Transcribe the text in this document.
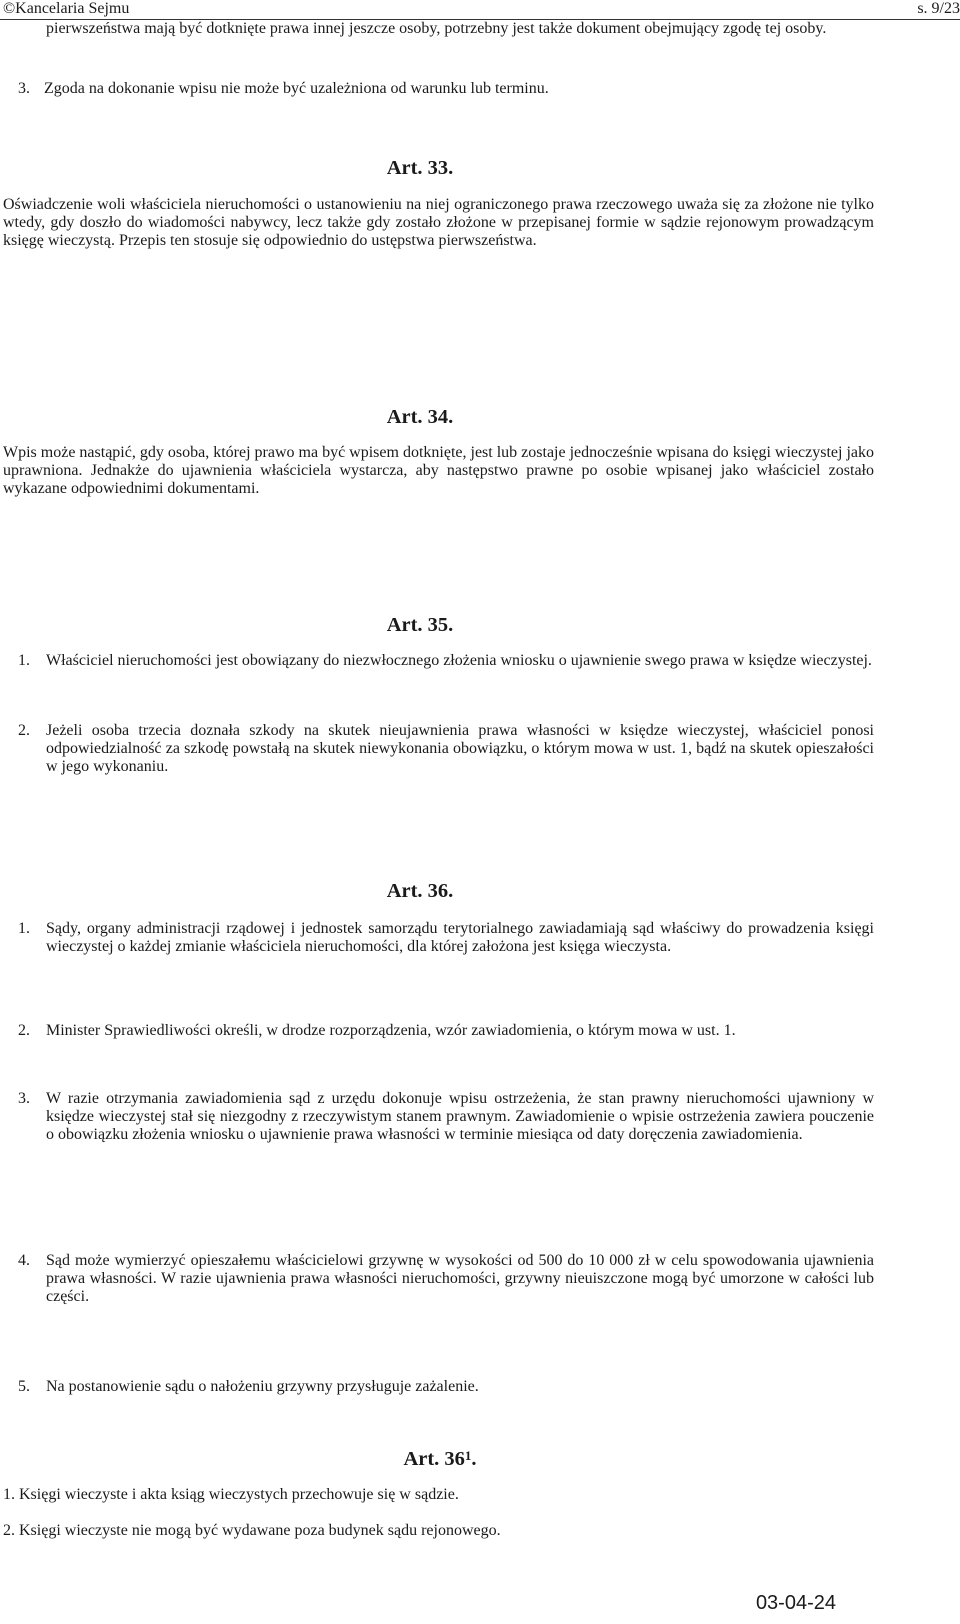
©Kancelaria Sejmu	s. 9/23

pierwszeństwa mają być dotknięte prawa innej jeszcze osoby, potrzebny jest także dokument obejmujący zgodę tej osoby.

3. Zgoda na dokonanie wpisu nie może być uzależniona od warunku lub terminu.

Art. 33.

Oświadczenie woli właściciela nieruchomości o ustanowieniu na niej ograniczonego prawa rzeczowego uważa się za złożone nie tylko wtedy, gdy doszło do wiadomości nabywcy, lecz także gdy zostało złożone w przepisanej formie w sądzie rejonowym prowadzącym księgę wieczystą. Przepis ten stosuje się odpowiednio do ustępstwa pierwszeństwa.

Art. 34.

Wpis może nastąpić, gdy osoba, której prawo ma być wpisem dotknięte, jest lub zostaje jednocześnie wpisana do księgi wieczystej jako uprawniona. Jednakże do ujawnienia właściciela wystarcza, aby następstwo prawne po osobie wpisanej jako właściciel zostało wykazane odpowiednimi dokumentami.

Art. 35.
1. Właściciel nieruchomości jest obowiązany do niezwłocznego złożenia wniosku o ujawnienie swego prawa w księdze wieczystej.

2. Jeżeli osoba trzecia doznała szkody na skutek nieujawnienia prawa własności w księdze wieczystej, właściciel ponosi odpowiedzialność za szkodę powstałą na skutek niewykonania obowiązku, o którym mowa w ust. 1, bądź na skutek opieszałości w jego wykonaniu.

Art. 36.
1. Sądy, organy administracji rządowej i jednostek samorządu terytorialnego zawiadamiają sąd właściwy do prowadzenia księgi wieczystej o każdej zmianie właściciela nieruchomości, dla której założona jest księga wieczysta.

2. Minister Sprawiedliwości określi, w drodze rozporządzenia, wzór zawiadomienia, o którym mowa w ust. 1.

3. W razie otrzymania zawiadomienia sąd z urzędu dokonuje wpisu ostrzeżenia, że stan prawny nieruchomości ujawniony w księdze wieczystej stał się niezgodny z rzeczywistym stanem prawnym. Zawiadomienie o wpisie ostrzeżenia zawiera pouczenie o obowiązku złożenia wniosku o ujawnienie prawa własności w terminie miesiąca od daty doręczenia zawiadomienia.

4. Sąd może wymierzyć opieszałemu właścicielowi grzywnę w wysokości od 500 do 10 000 zł w celu spowodowania ujawnienia prawa własności. W razie ujawnienia prawa własności nieruchomości, grzywny nieuiszczone mogą być umorzone w całości lub części.

5. Na postanowienie sądu o nałożeniu grzywny przysługuje zażalenie.

Art. $36^1$.

1. Księgi wieczyste i akta ksiąg wieczystych przechowuje się w sądzie.

2. Księgi wieczyste nie mogą być wydawane poza budynek sądu rejonowego.

03-04-24
